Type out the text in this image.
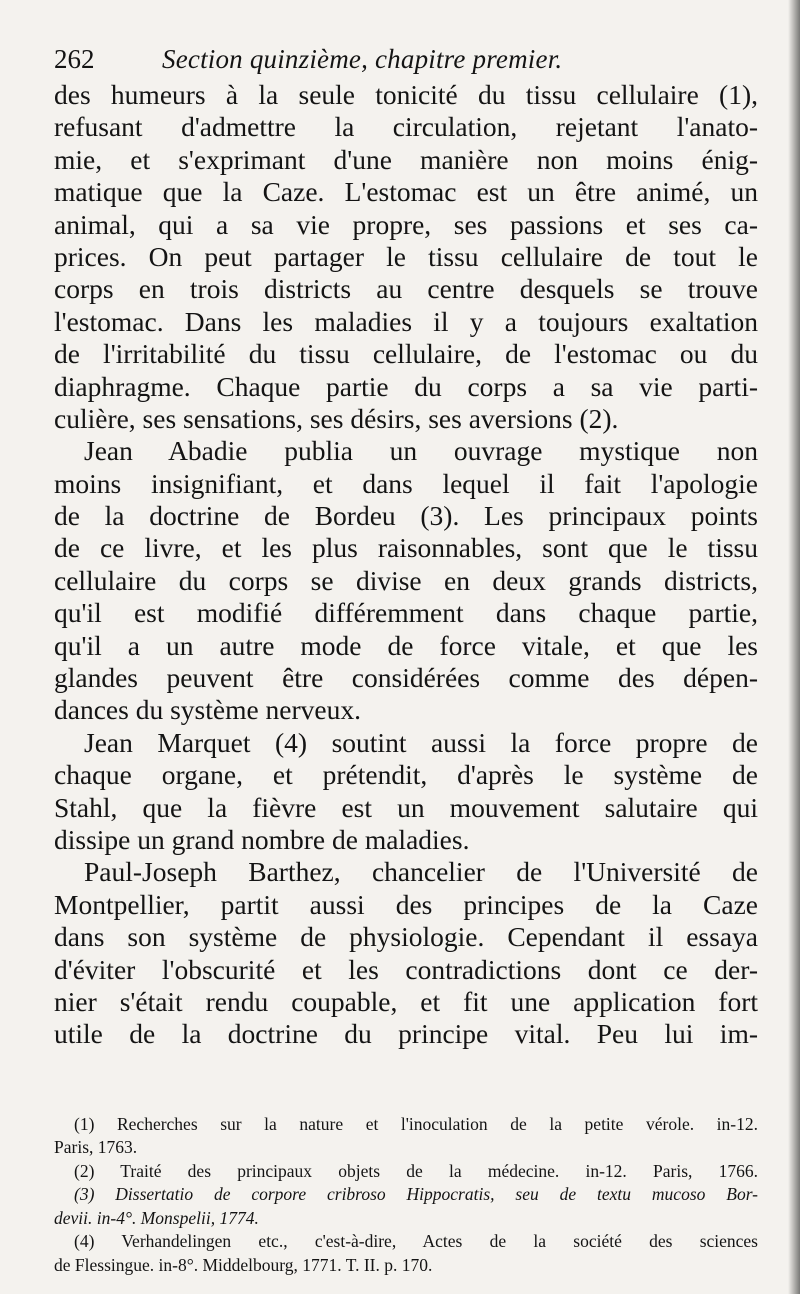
262	Section quinzième, chapitre premier.
des humeurs à la seule tonicité du tissu cellulaire (1),
refusant d'admettre la circulation, rejetant l'anato-
mie, et s'exprimant d'une manière non moins énig-
matique que la Caze. L'estomac est un être animé, un
animal, qui a sa vie propre, ses passions et ses ca-
prices. On peut partager le tissu cellulaire de tout le
corps en trois districts au centre desquels se trouve
l'estomac. Dans les maladies il y a toujours exaltation
de l'irritabilité du tissu cellulaire, de l'estomac ou du
diaphragme. Chaque partie du corps a sa vie parti-
culière, ses sensations, ses désirs, ses aversions (2).
Jean Abadie publia un ouvrage mystique non
moins insignifiant, et dans lequel il fait l'apologie
de la doctrine de Bordeu (3). Les principaux points
de ce livre, et les plus raisonnables, sont que le tissu
cellulaire du corps se divise en deux grands districts,
qu'il est modifié différemment dans chaque partie,
qu'il a un autre mode de force vitale, et que les
glandes peuvent être considérées comme des dépen-
dances du système nerveux.
Jean Marquet (4) soutint aussi la force propre de
chaque organe, et prétendit, d'après le système de
Stahl, que la fièvre est un mouvement salutaire qui
dissipe un grand nombre de maladies.
Paul-Joseph Barthez, chancelier de l'Université de
Montpellier, partit aussi des principes de la Caze
dans son système de physiologie. Cependant il essaya
d'éviter l'obscurité et les contradictions dont ce der-
nier s'était rendu coupable, et fit une application fort
utile de la doctrine du principe vital. Peu lui im-
(1) Recherches sur la nature et l'inoculation de la petite vérole. in-12.
Paris, 1763.
(2) Traité des principaux objets de la médecine. in-12. Paris, 1766.
(3) Dissertatio de corpore cribroso Hippocratis, seu de textu mucoso Bor-
devii. in-4°. Monspelii, 1774.
(4) Verhandelingen etc., c'est-à-dire, Actes de la société des sciences
de Flessingue. in-8°. Middelbourg, 1771. T. II. p. 170.
